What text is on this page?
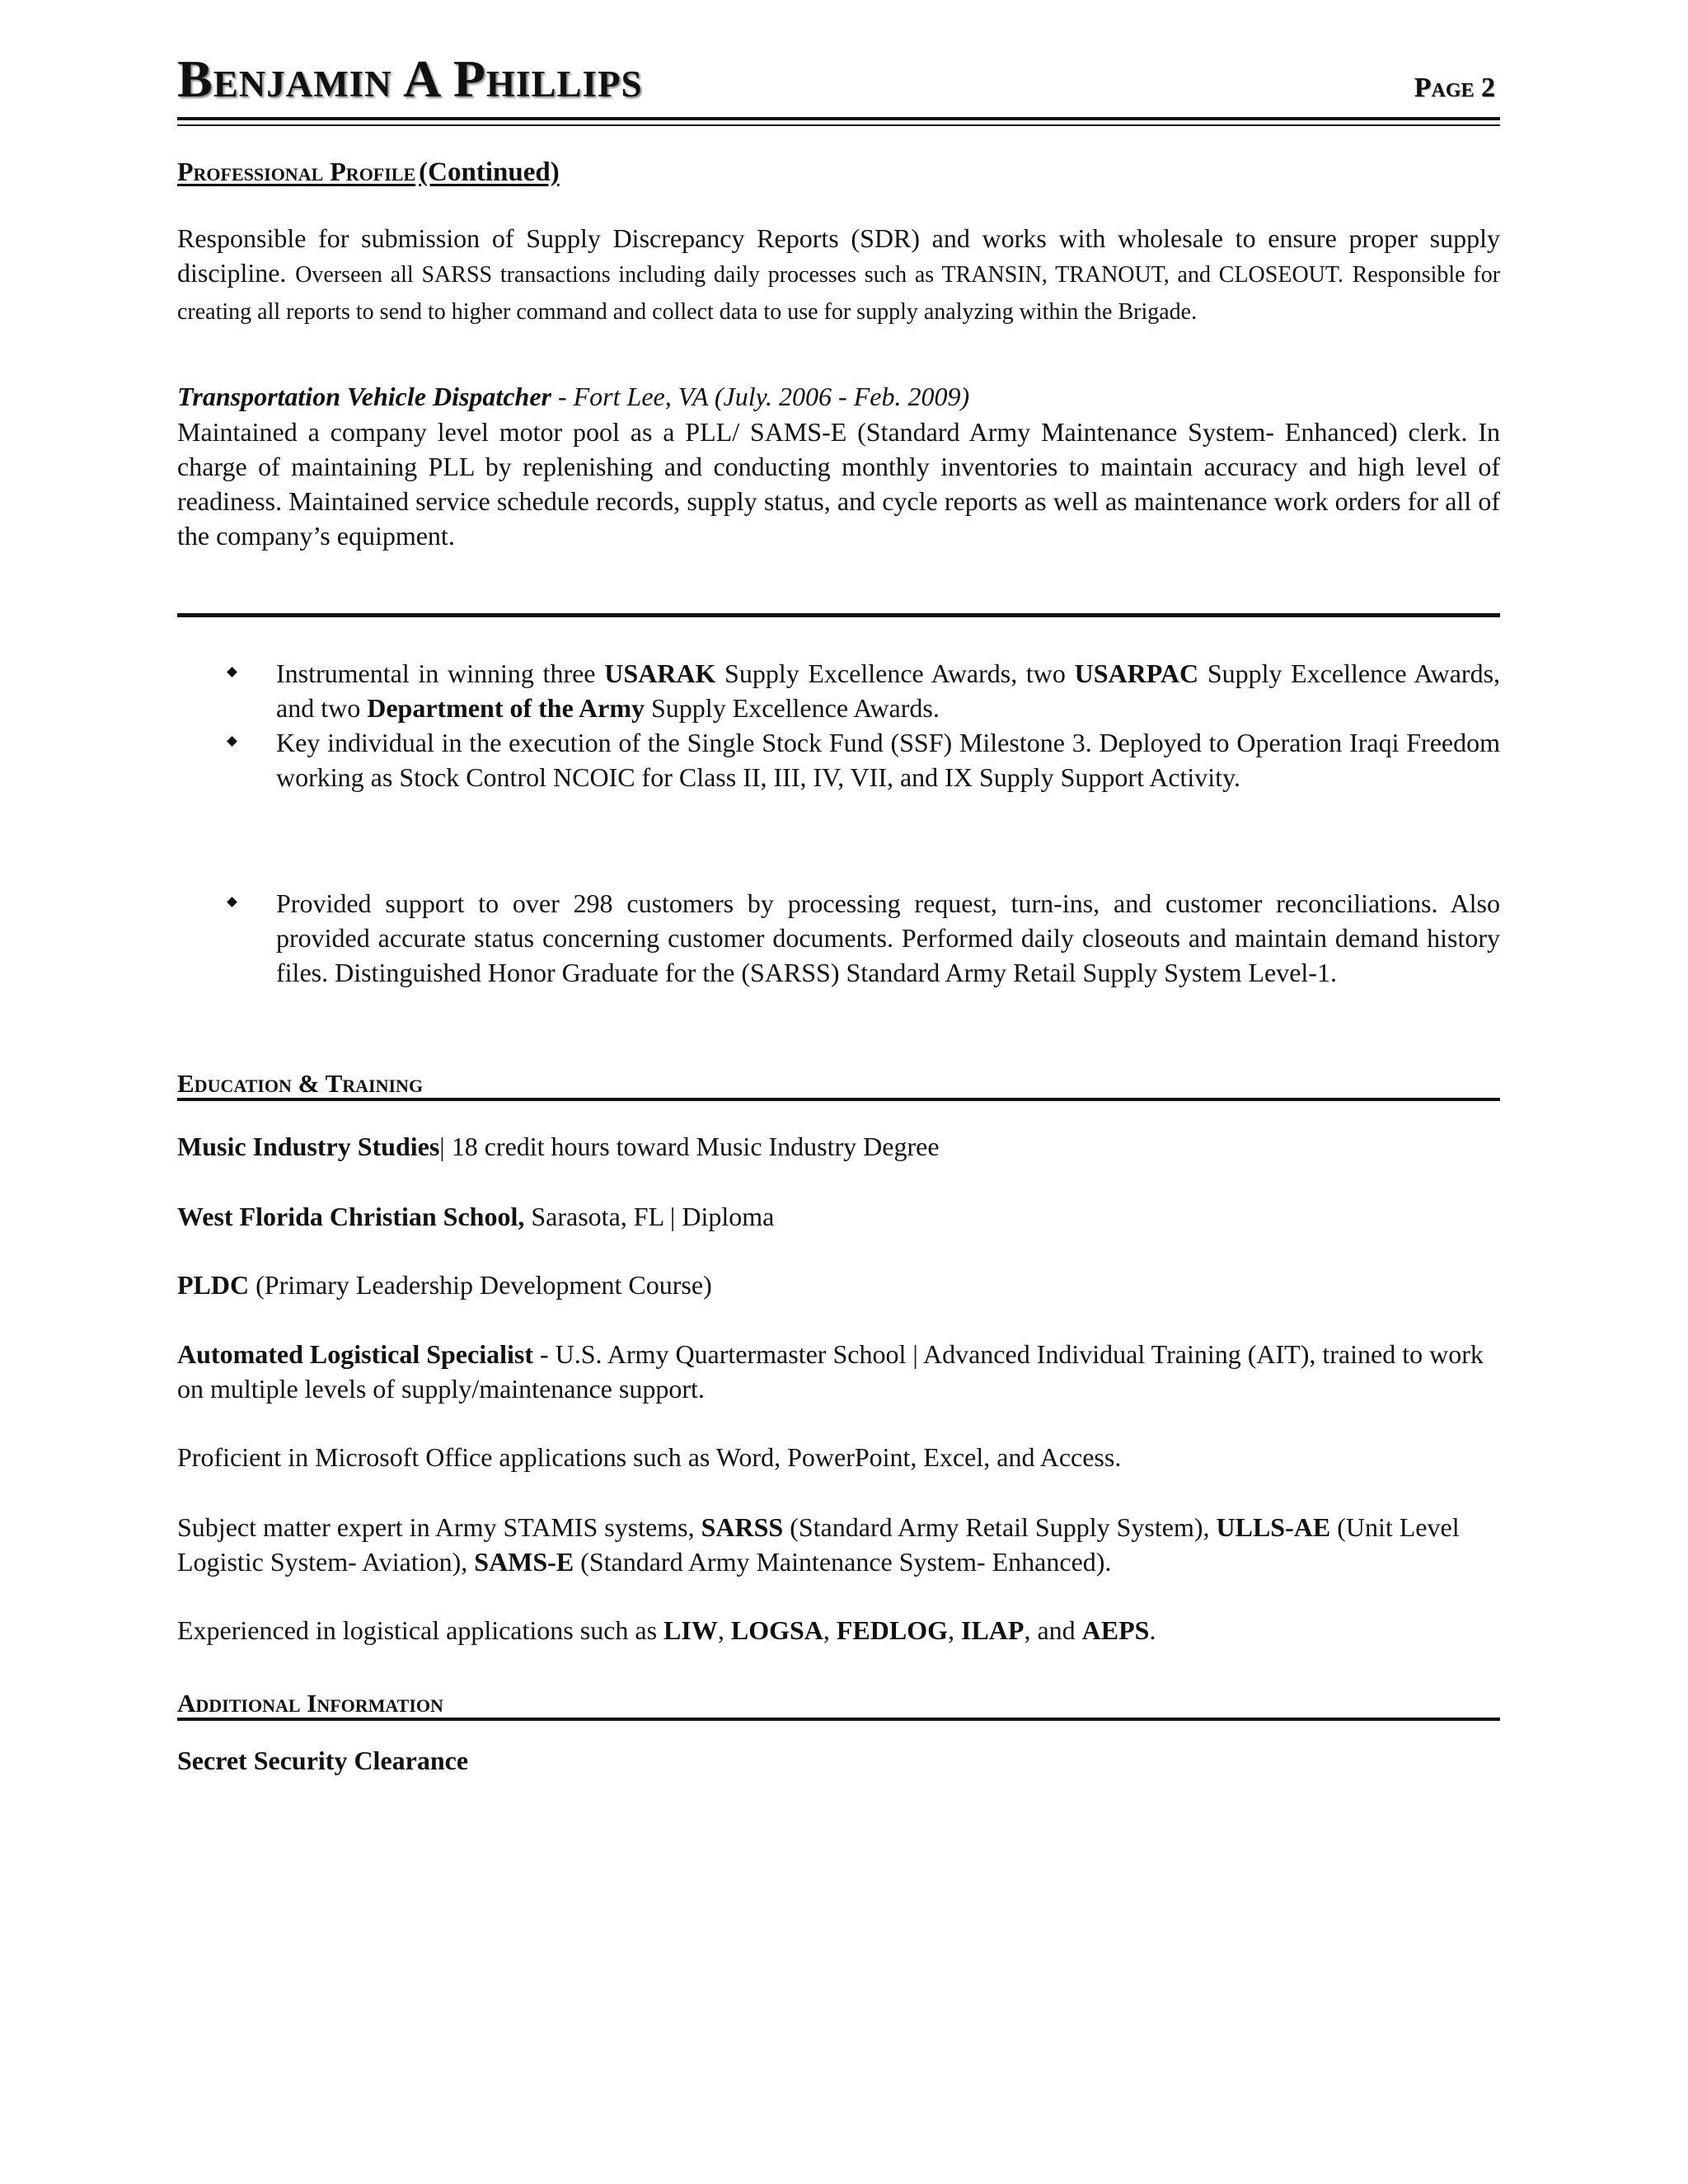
Benjamin A Phillips	Page 2
Professional Profile (Continued)
Responsible for submission of Supply Discrepancy Reports (SDR) and works with wholesale to ensure proper supply discipline. Overseen all SARSS transactions including daily processes such as TRANSIN, TRANOUT, and CLOSEOUT. Responsible for creating all reports to send to higher command and collect data to use for supply analyzing within the Brigade.
Transportation Vehicle Dispatcher - Fort Lee, VA (July. 2006 - Feb. 2009)
Maintained a company level motor pool as a PLL/ SAMS-E (Standard Army Maintenance System- Enhanced) clerk. In charge of maintaining PLL by replenishing and conducting monthly inventories to maintain accuracy and high level of readiness. Maintained service schedule records, supply status, and cycle reports as well as maintenance work orders for all of the company’s equipment.
Instrumental in winning three USARAK Supply Excellence Awards, two USARPAC Supply Excellence Awards, and two Department of the Army Supply Excellence Awards.
Key individual in the execution of the Single Stock Fund (SSF) Milestone 3. Deployed to Operation Iraqi Freedom working as Stock Control NCOIC for Class II, III, IV, VII, and IX Supply Support Activity.
Provided support to over 298 customers by processing request, turn-ins, and customer reconciliations. Also provided accurate status concerning customer documents. Performed daily closeouts and maintain demand history files. Distinguished Honor Graduate for the (SARSS) Standard Army Retail Supply System Level-1.
Education & Training
Music Industry Studies| 18 credit hours toward Music Industry Degree
West Florida Christian School, Sarasota, FL | Diploma
PLDC (Primary Leadership Development Course)
Automated Logistical Specialist - U.S. Army Quartermaster School | Advanced Individual Training (AIT), trained to work on multiple levels of supply/maintenance support.
Proficient in Microsoft Office applications such as Word, PowerPoint, Excel, and Access.
Subject matter expert in Army STAMIS systems, SARSS (Standard Army Retail Supply System), ULLS-AE (Unit Level Logistic System- Aviation), SAMS-E (Standard Army Maintenance System- Enhanced).
Experienced in logistical applications such as LIW, LOGSA, FEDLOG, ILAP, and AEPS.
Additional Information
Secret Security Clearance
